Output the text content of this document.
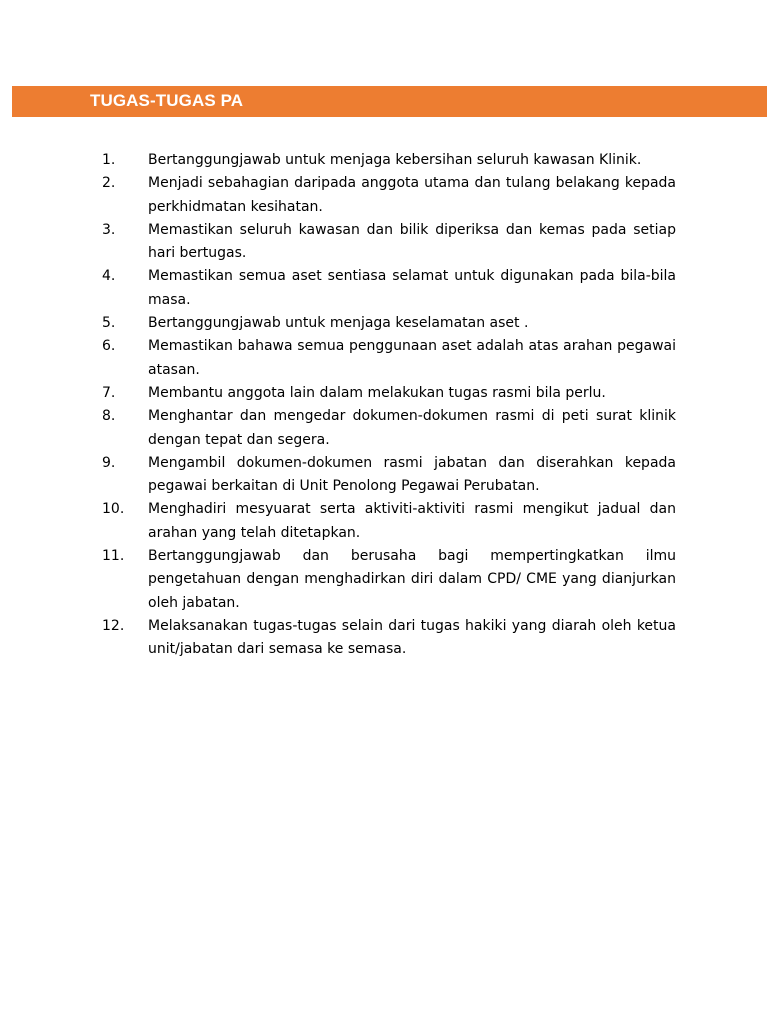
TUGAS-TUGAS PA
1.	Bertanggungjawab untuk menjaga kebersihan seluruh kawasan Klinik.
2.	Menjadi sebahagian daripada anggota utama dan tulang belakang kepada perkhidmatan kesihatan.
3.	Memastikan seluruh kawasan dan bilik diperiksa dan kemas pada setiap hari bertugas.
4.	Memastikan semua aset sentiasa selamat untuk digunakan pada bila-bila masa.
5.	Bertanggungjawab untuk menjaga keselamatan aset .
6.	Memastikan bahawa semua penggunaan aset adalah atas arahan pegawai atasan.
7.	Membantu anggota lain dalam melakukan tugas rasmi bila perlu.
8.	Menghantar dan mengedar dokumen-dokumen rasmi di peti surat klinik dengan tepat dan segera.
9.	Mengambil dokumen-dokumen rasmi jabatan dan diserahkan kepada pegawai berkaitan di Unit Penolong Pegawai Perubatan.
10.	Menghadiri mesyuarat serta aktiviti-aktiviti rasmi mengikut jadual dan arahan yang telah ditetapkan.
11.	Bertanggungjawab dan berusaha bagi mempertingkatkan ilmu pengetahuan dengan menghadirkan diri dalam CPD/ CME yang dianjurkan oleh jabatan.
12.	Melaksanakan tugas-tugas selain dari tugas hakiki yang diarah oleh ketua unit/jabatan dari semasa ke semasa.
